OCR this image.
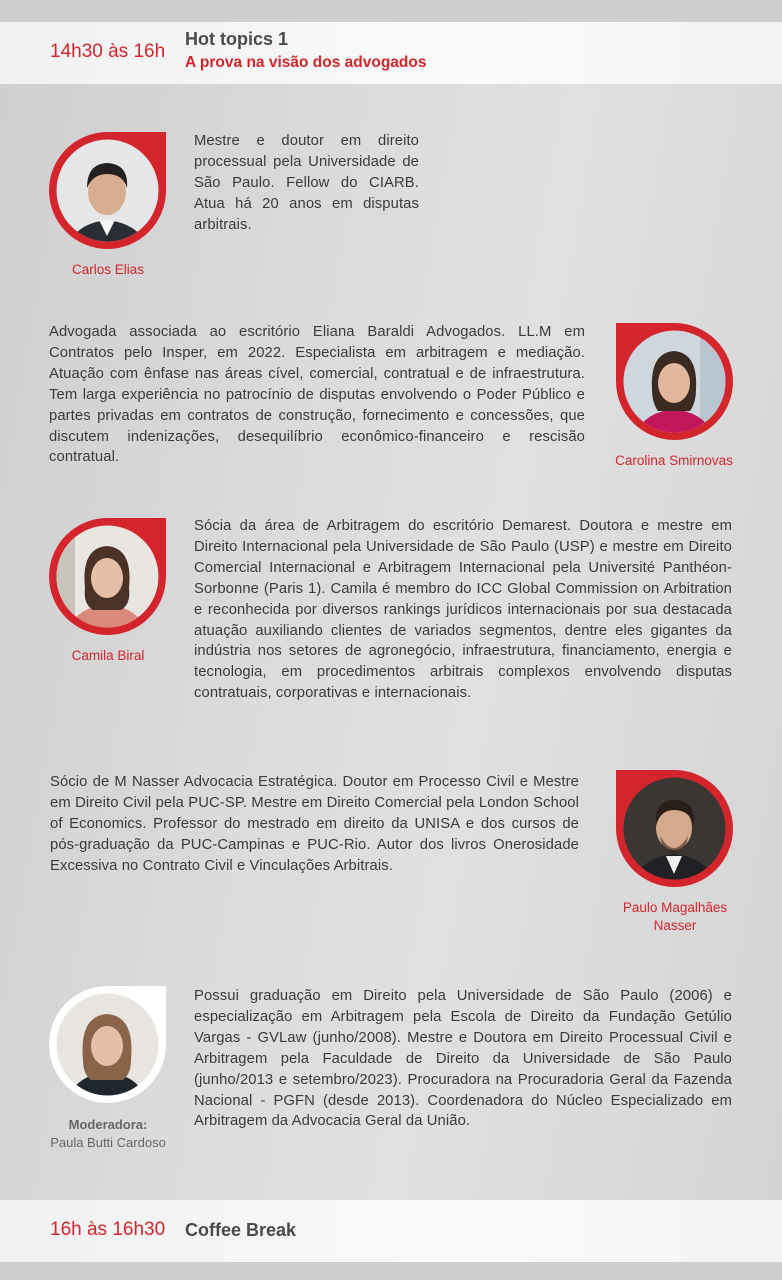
14h30 às 16h
Hot topics 1
A prova na visão dos advogados
Carlos Elias
Mestre e doutor em direito processual pela Universidade de São Paulo. Fellow do CIARB. Atua há 20 anos em disputas arbitrais.
Advogada associada ao escritório Eliana Baraldi Advogados. LL.M em Contratos pelo Insper, em 2022. Especialista em arbitragem e mediação. Atuação com ênfase nas áreas cível, comercial, contratual e de infraestrutura. Tem larga experiência no patrocínio de disputas envolvendo o Poder Público e partes privadas em contratos de construção, fornecimento e concessões, que discutem indenizações, desequilíbrio econômico-financeiro e rescisão contratual.	Carolina Smirnovas
Camila Biral
Sócia da área de Arbitragem do escritório Demarest. Doutora e mestre em Direito Internacional pela Universidade de São Paulo (USP) e mestre em Direito Comercial Internacional e Arbitragem Internacional pela Université Panthéon-Sorbonne (Paris 1). Camila é membro do ICC Global Commission on Arbitration e reconhecida por diversos rankings jurídicos internacionais por sua destacada atuação auxiliando clientes de variados segmentos, dentre eles gigantes da indústria nos setores de agronegócio, infraestrutura, financiamento, energia e tecnologia, em procedimentos arbitrais complexos envolvendo disputas contratuais, corporativas e internacionais.
Sócio de M Nasser Advocacia Estratégica. Doutor em Processo Civil e Mestre em Direito Civil pela PUC-SP. Mestre em Direito Comercial pela London School of Economics. Professor do mestrado em direito da UNISA e dos cursos de pós-graduação da PUC-Campinas e PUC-Rio. Autor dos livros Onerosidade Excessiva no Contrato Civil e Vinculações Arbitrais.
Paulo Magalhães Nasser
Moderadora:
Paula Butti Cardoso
Possui graduação em Direito pela Universidade de São Paulo (2006) e especialização em Arbitragem pela Escola de Direito da Fundação Getúlio Vargas - GVLaw (junho/2008). Mestre e Doutora em Direito Processual Civil e Arbitragem pela Faculdade de Direito da Universidade de São Paulo (junho/2013 e setembro/2023). Procuradora na Procuradoria Geral da Fazenda Nacional - PGFN (desde 2013). Coordenadora do Núcleo Especializado em Arbitragem da Advocacia Geral da União.
16h às 16h30 Coffee Break
